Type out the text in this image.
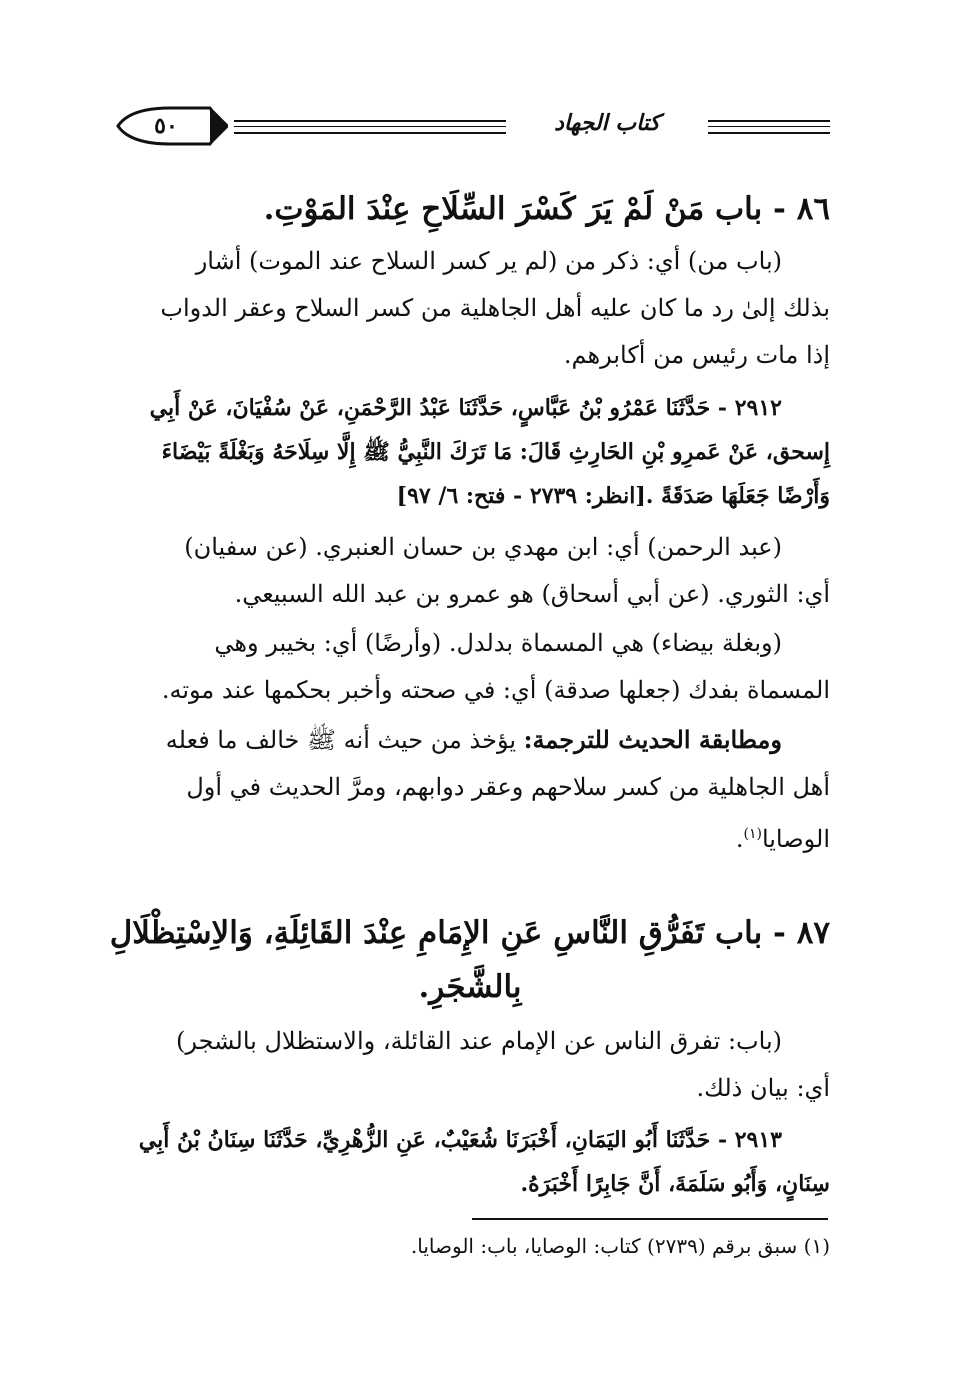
٥٠	كتاب الجهاد
٨٦ - باب مَنْ لَمْ يَرَ كَسْرَ السِّلَاحِ عِنْدَ المَوْتِ.
(باب من) أي: ذكر من (لم ير كسر السلاح عند الموت) أشار
بذلك إلىٰ رد ما كان عليه أهل الجاهلية من كسر السلاح وعقر الدواب
إذا مات رئيس من أكابرهم.
٢٩١٢ - حَدَّثَنَا عَمْرُو بْنُ عَبَّاسٍ، حَدَّثَنَا عَبْدُ الرَّحْمَنِ، عَنْ سُفْيَانَ، عَنْ أَبِي
إِسحق، عَنْ عَمرِو بْنِ الحَارِثِ قَالَ: مَا تَرَكَ النَّبِيُّ ﷺ إِلَّا سِلَاحَهُ وَبَغْلَةً بَيْضَاءَ
وَأَرْضًا جَعَلَهَا صَدَقَةً .[انظر: ٢٧٣٩ - فتح: ٦/ ٩٧]
(عبد الرحمن) أي: ابن مهدي بن حسان العنبري. (عن سفيان)
أي: الثوري. (عن أبي أسحاق) هو عمرو بن عبد الله السبيعي.
(وبغلة بيضاء) هي المسماة بدلدل. (وأرضًا) أي: بخيبر وهي
المسماة بفدك (جعلها صدقة) أي: في صحته وأخبر بحكمها عند موته.
ومطابقة الحديث للترجمة: يؤخذ من حيث أنه ﷺ خالف ما فعله
أهل الجاهلية من كسر سلاحهم وعقر دوابهم، ومرَّ الحديث في أول
الوصايا$^{(١)}$.
٨٧ - باب تَفَرُّقِ النَّاسِ عَنِ الإِمَامِ عِنْدَ القَائِلَةِ، وَالاِسْتِظْلَالِ
بِالشَّجَرِ.
(باب: تفرق الناس عن الإمام عند القائلة، والاستظلال بالشجر)
أي: بيان ذلك.
٢٩١٣ - حَدَّثَنَا أَبُو اليَمَانِ، أَخْبَرَنَا شُعَيْبٌ، عَنِ الزُّهْرِيِّ، حَدَّثَنَا سِنَانُ بْنُ أَبِي
سِنَانٍ، وَأَبُو سَلَمَةَ، أَنَّ جَابِرًا أَخْبَرَهُ.
(١) سبق برقم (٢٧٣٩) كتاب: الوصايا، باب: الوصايا.
